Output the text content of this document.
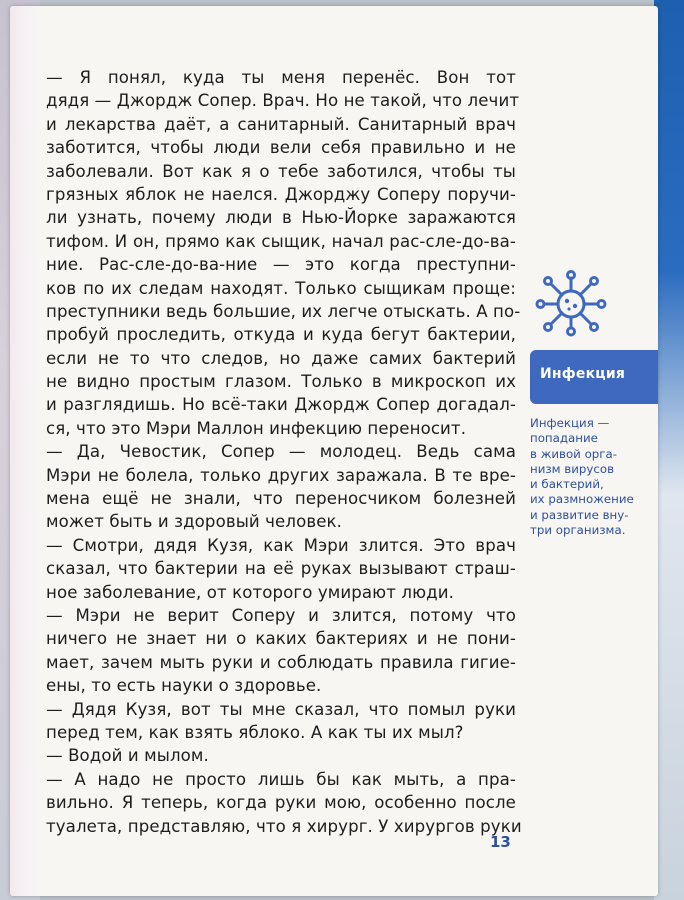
— Я понял, куда ты меня перенёс. Вон тот
дядя — Джордж Сопер. Врач. Но не такой, что лечит
и лекарства даёт, а санитарный. Санитарный врач
заботится, чтобы люди вели себя правильно и не
заболевали. Вот как я о тебе заботился, чтобы ты
грязных яблок не наелся. Джорджу Соперу поручи-
ли узнать, почему люди в Нью-Йорке заражаются
тифом. И он, прямо как сыщик, начал рас-сле-до-ва-
ние. Рас-сле-до-ва-ние — это когда преступни-
ков по их следам находят. Только сыщикам проще:
преступники ведь большие, их легче отыскать. А по-
пробуй проследить, откуда и куда бегут бактерии,
если не то что следов, но даже самих бактерий
не видно простым глазом. Только в микроскоп их
и разглядишь. Но всё-таки Джордж Сопер догадал-
ся, что это Мэри Маллон инфекцию переносит.
— Да, Чевостик, Сопер — молодец. Ведь сама
Мэри не болела, только других заражала. В те вре-
мена ещё не знали, что переносчиком болезней
может быть и здоровый человек.
— Смотри, дядя Кузя, как Мэри злится. Это врач
сказал, что бактерии на её руках вызывают страш-
ное заболевание, от которого умирают люди.
— Мэри не верит Соперу и злится, потому что
ничего не знает ни о каких бактериях и не пони-
мает, зачем мыть руки и соблюдать правила гигие-
ены, то есть науки о здоровье.
— Дядя Кузя, вот ты мне сказал, что помыл руки
перед тем, как взять яблоко. А как ты их мыл?
— Водой и мылом.
— А надо не просто лишь бы как мыть, а пра-
вильно. Я теперь, когда руки мою, особенно после
туалета, представляю, что я хирург. У хирургов руки
Инфекция
Инфекция —
попадание
в живой орга-
низм вирусов
и бактерий,
их размножение
и развитие вну-
три организма.
13
